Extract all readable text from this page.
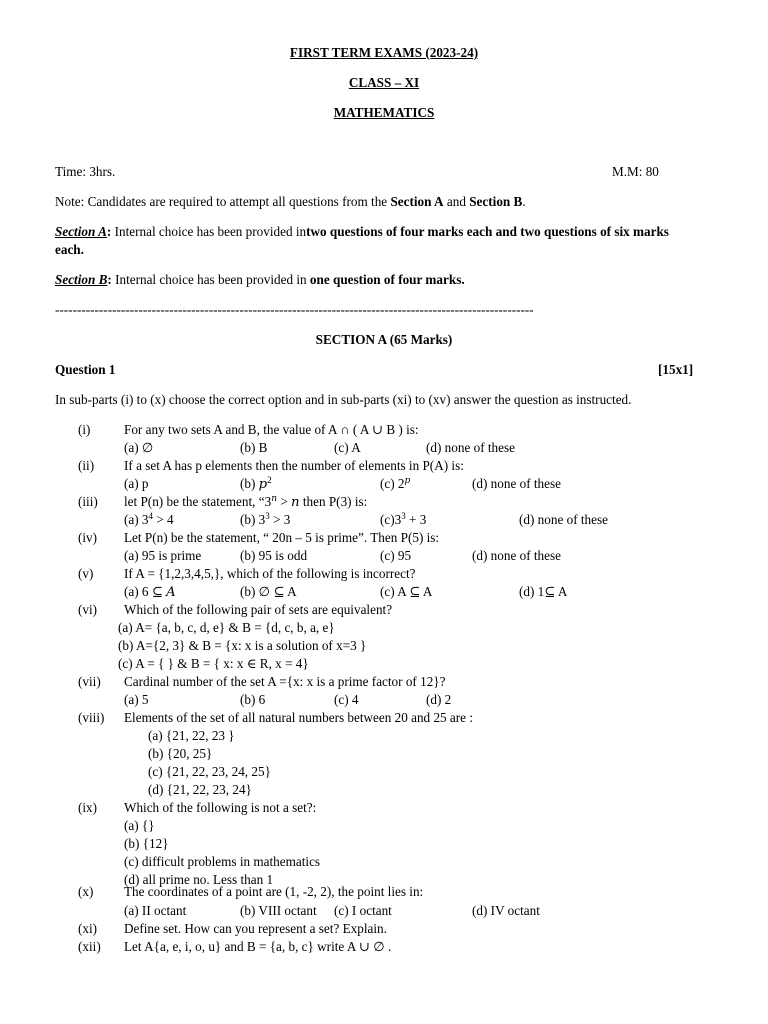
FIRST TERM EXAMS (2023-24)
CLASS – XI
MATHEMATICS
Time: 3hrs.	M.M: 80
Note: Candidates are required to attempt all questions from the Section A and Section B.
Section A: Internal choice has been provided intwo questions of four marks each and two questions of six marks
each.
Section B: Internal choice has been provided in one question of four marks.
-------------------------------------------------------------------------------------------------------------
SECTION A (65 Marks)
Question 1	[15x1]
In sub-parts (i) to (x) choose the correct option and in sub-parts (xi) to (xv) answer the question as instructed.
(i)	For any two sets A and B, the value of A ∩ ( A ∪ B ) is:
(a) ∅	(b) B	(c) A	(d) none of these
(ii) If a set A has p elements then the number of elements in P(A) is:
(a) p	(b) 𝑝$^2$	(c) $2^𝑝$	(d) none of these
(iii) let P(n) be the statement, “$3^𝑛$ > 𝑛 then P(3) is:
(a) $3^4 > 4$	(b) $3^3 > 3$	$(c)3^3 + 3$	(d) none of these
(iv) Let P(n) be the statement, “ 20n – 5 is prime”. Then P(5) is:
(a) 95 is prime	(b) 95 is odd	(c) 95	(d) none of these
(v) If A = {1,2,3,4,5,}, which of the following is incorrect?
(a) 6 ⊆ 𝐴	(b) ∅ ⊆ A	(c) A ⊆ A	(d) 1⊆ A
(vi) Which of the following pair of sets are equivalent?
(a) A= {a, b, c, d, e} & B = {d, c, b, a, e}
(b) A={2, 3} & B = {x: x is a solution of x=3 }
(c) A = { } & B = { x: x ∈ R, x = 4}
(vii) Cardinal number of the set A ={x: x is a prime factor of 12}?
(a) 5	(b) 6	(c) 4	(d) 2
(viii) Elements of the set of all natural numbers between 20 and 25 are :
(a) {21, 22, 23 }
(b) {20, 25}
(c) {21, 22, 23, 24, 25}
(d) {21, 22, 23, 24}
(ix) Which of the following is not a set?:
(a) {}
(b) {12}
(c) difficult problems in mathematics
(d) all prime no. Less than 1
(x) The coordinates of a point are (1, -2, 2), the point lies in:
(a) II octant	(b) VIII octant (c) I octant	(d) IV octant
(xi) Define set. How can you represent a set? Explain.
(xii) Let A{a, e, i, o, u} and B = {a, b, c} write A ∪ ∅ .
